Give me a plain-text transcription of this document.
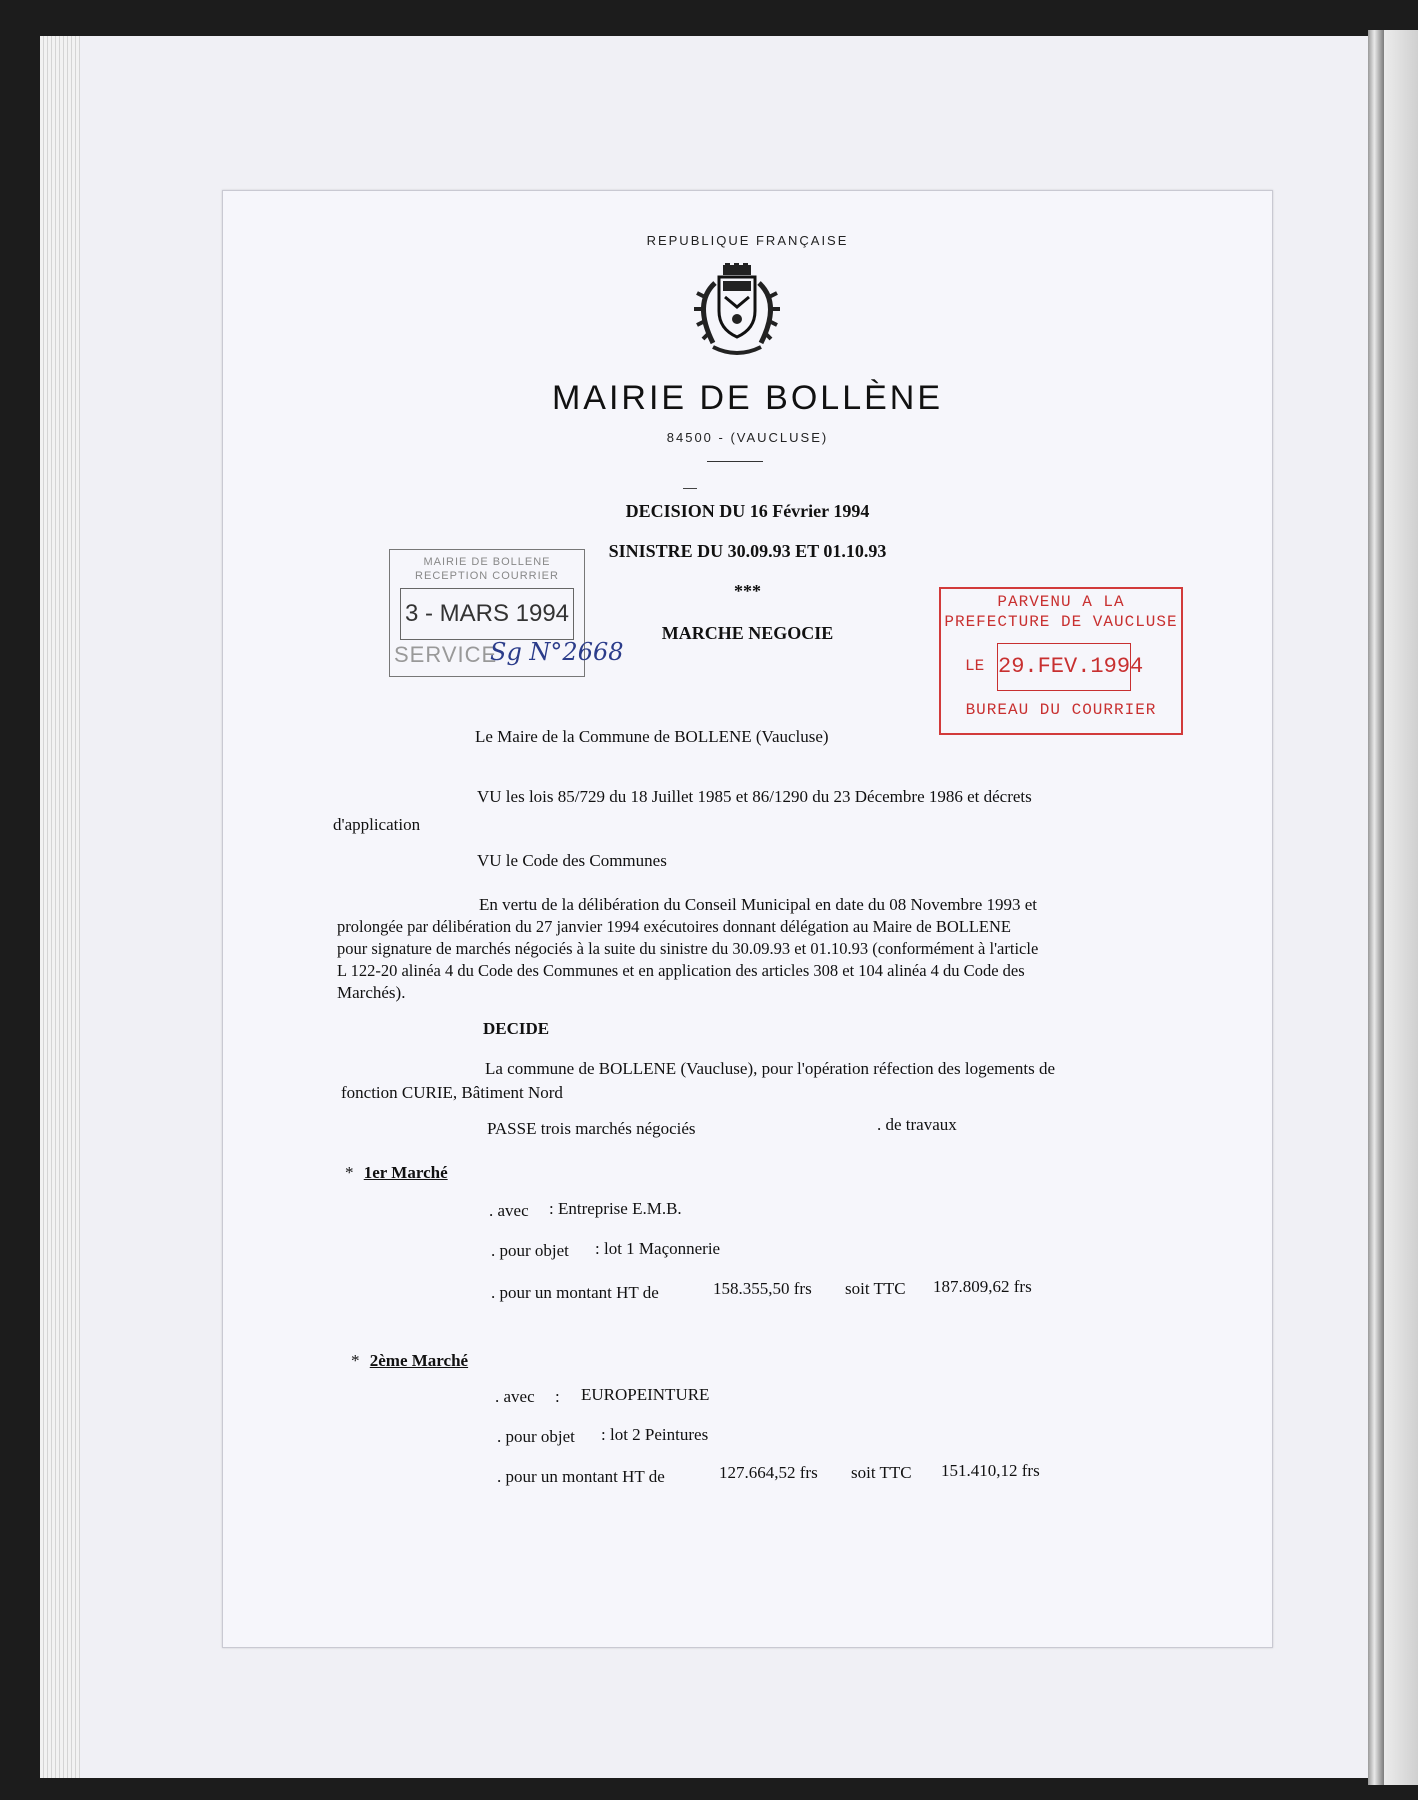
REPUBLIQUE FRANÇAISE
MAIRIE DE BOLLÈNE
84500 - (VAUCLUSE)
DECISION DU 16 Février 1994
SINISTRE DU 30.09.93 ET 01.10.93
***
MARCHE NEGOCIE
MAIRIE DE BOLLENE
RECEPTION COURRIER
3 - MARS 1994
SERVICE
Sg N°2668
PARVENU A LA
PREFECTURE DE VAUCLUSE
LE 29.FEV.1994
BUREAU DU COURRIER
Le Maire de la Commune de BOLLENE (Vaucluse)
VU les lois 85/729 du 18 Juillet 1985 et 86/1290 du 23 Décembre 1986 et décrets
d'application
VU le Code des Communes
En vertu de la délibération du Conseil Municipal en date du 08 Novembre 1993 et
prolongée par délibération du 27 janvier 1994 exécutoires donnant délégation au Maire de BOLLENE
pour signature de marchés négociés à la suite du sinistre du 30.09.93 et 01.10.93 (conformément à l'article
L 122-20 alinéa 4 du Code des Communes et en application des articles 308 et 104 alinéa 4 du Code des
Marchés).
DECIDE
La commune de BOLLENE (Vaucluse), pour l'opération réfection des logements de
fonction CURIE, Bâtiment Nord
PASSE trois marchés négociés	. de travaux
* 1er Marché
. avec : Entreprise E.M.B.
. pour objet : lot 1 Maçonnerie
. pour un montant HT de	158.355,50 frs soit TTC 187.809,62 frs
* 2ème Marché
. avec : EUROPEINTURE
. pour objet : lot 2 Peintures
. pour un montant HT de	127.664,52 frs soit TTC 151.410,12 frs
